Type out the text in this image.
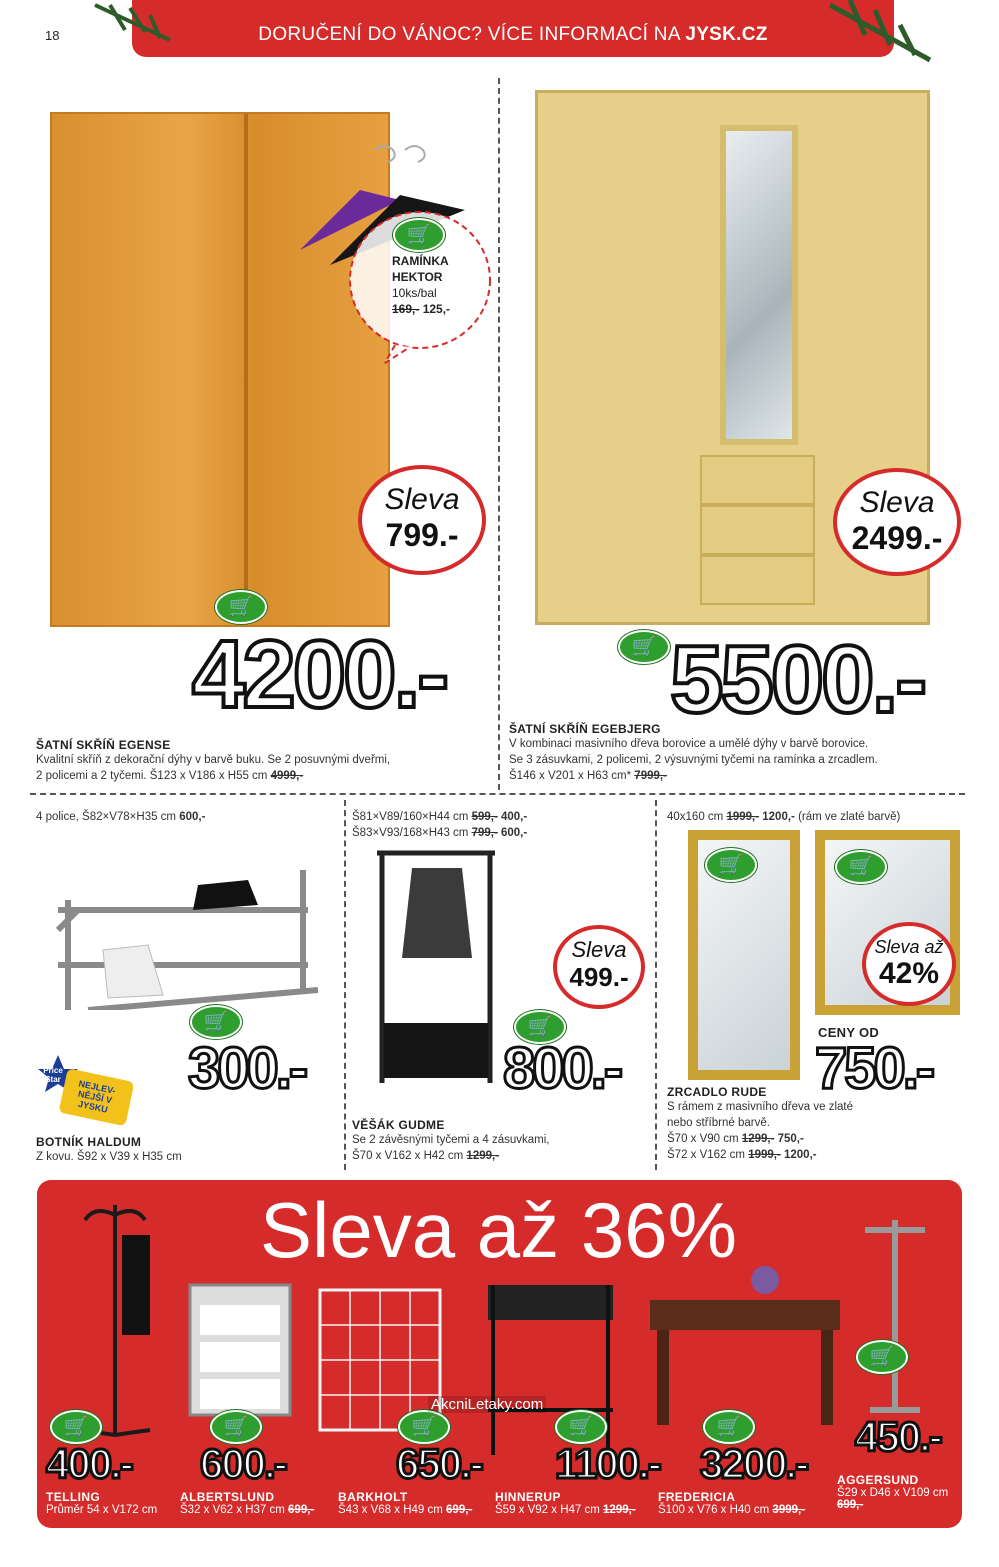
18	DORUČENÍ DO VÁNOC? VÍCE INFORMACÍ NA JYSK.CZ
🛒
RAMÍNKA
HEKTOR
10ks/bal
169,- 125,-
Sleva
799.-
🛒
4200.-
ŠATNÍ SKŘÍŇ EGENSE
Kvalitní skříň z dekorační dýhy v barvě buku. Se 2 posuvnými dveřmi,
2 policemi a 2 tyčemi. Š123 x V186 x H55 cm 4999,-
Sleva
2499.-
🛒 5500.-
ŠATNÍ SKŘÍŇ EGEBJERG
V kombinaci masivního dřeva borovice a umělé dýhy v barvě borovice.
Se 3 zásuvkami, 2 policemi, 2 výsuvnými tyčemi na ramínka a zrcadlem.
Š146 x V201 x H63 cm* 7999,-
4 police, Š82×V78×H35 cm 600,-
🛒
300.-
Price Star	NEJLEV-NĚJŠÍ V JYSKU
BOTNÍK HALDUM
Z kovu. Š92 x V39 x H35 cm
Š81×V89/160×H44 cm 599,- 400,-
Š83×V93/168×H43 cm 799,- 600,-
Sleva
499.-
🛒
800.-
VĚŠÁK GUDME
Se 2 závěsnými tyčemi a 4 zásuvkami,
Š70 x V162 x H42 cm 1299,-
40x160 cm 1999,- 1200,- (rám ve zlaté barvě)
🛒	🛒
Sleva až
42%
CENY OD
750.-
ZRCADLO RUDE
S rámem z masivního dřeva ve zlaté
nebo stříbrné barvě.
Š70 x V90 cm 1299,- 750,-
Š72 x V162 cm 1999,- 1200,-
Sleva až 36%
🛒	🛒	🛒	🛒	🛒
🛒
400.- 600.-	650.- 1100.- 3200.-
450.-
TELLING
Průměr 54 x V172 cm
ALBERTSLUND
Š32 x V62 x H37 cm 699,-
BARKHOLT
Š43 x V68 x H49 cm 699,-
HINNERUP
Š59 x V92 x H47 cm 1299,-
FREDERICIA
Š100 x V76 x H40 cm 3999,-
AGGERSUND
Š29 x D46 x V109 cm
699,-
AkcniLetaky.com
